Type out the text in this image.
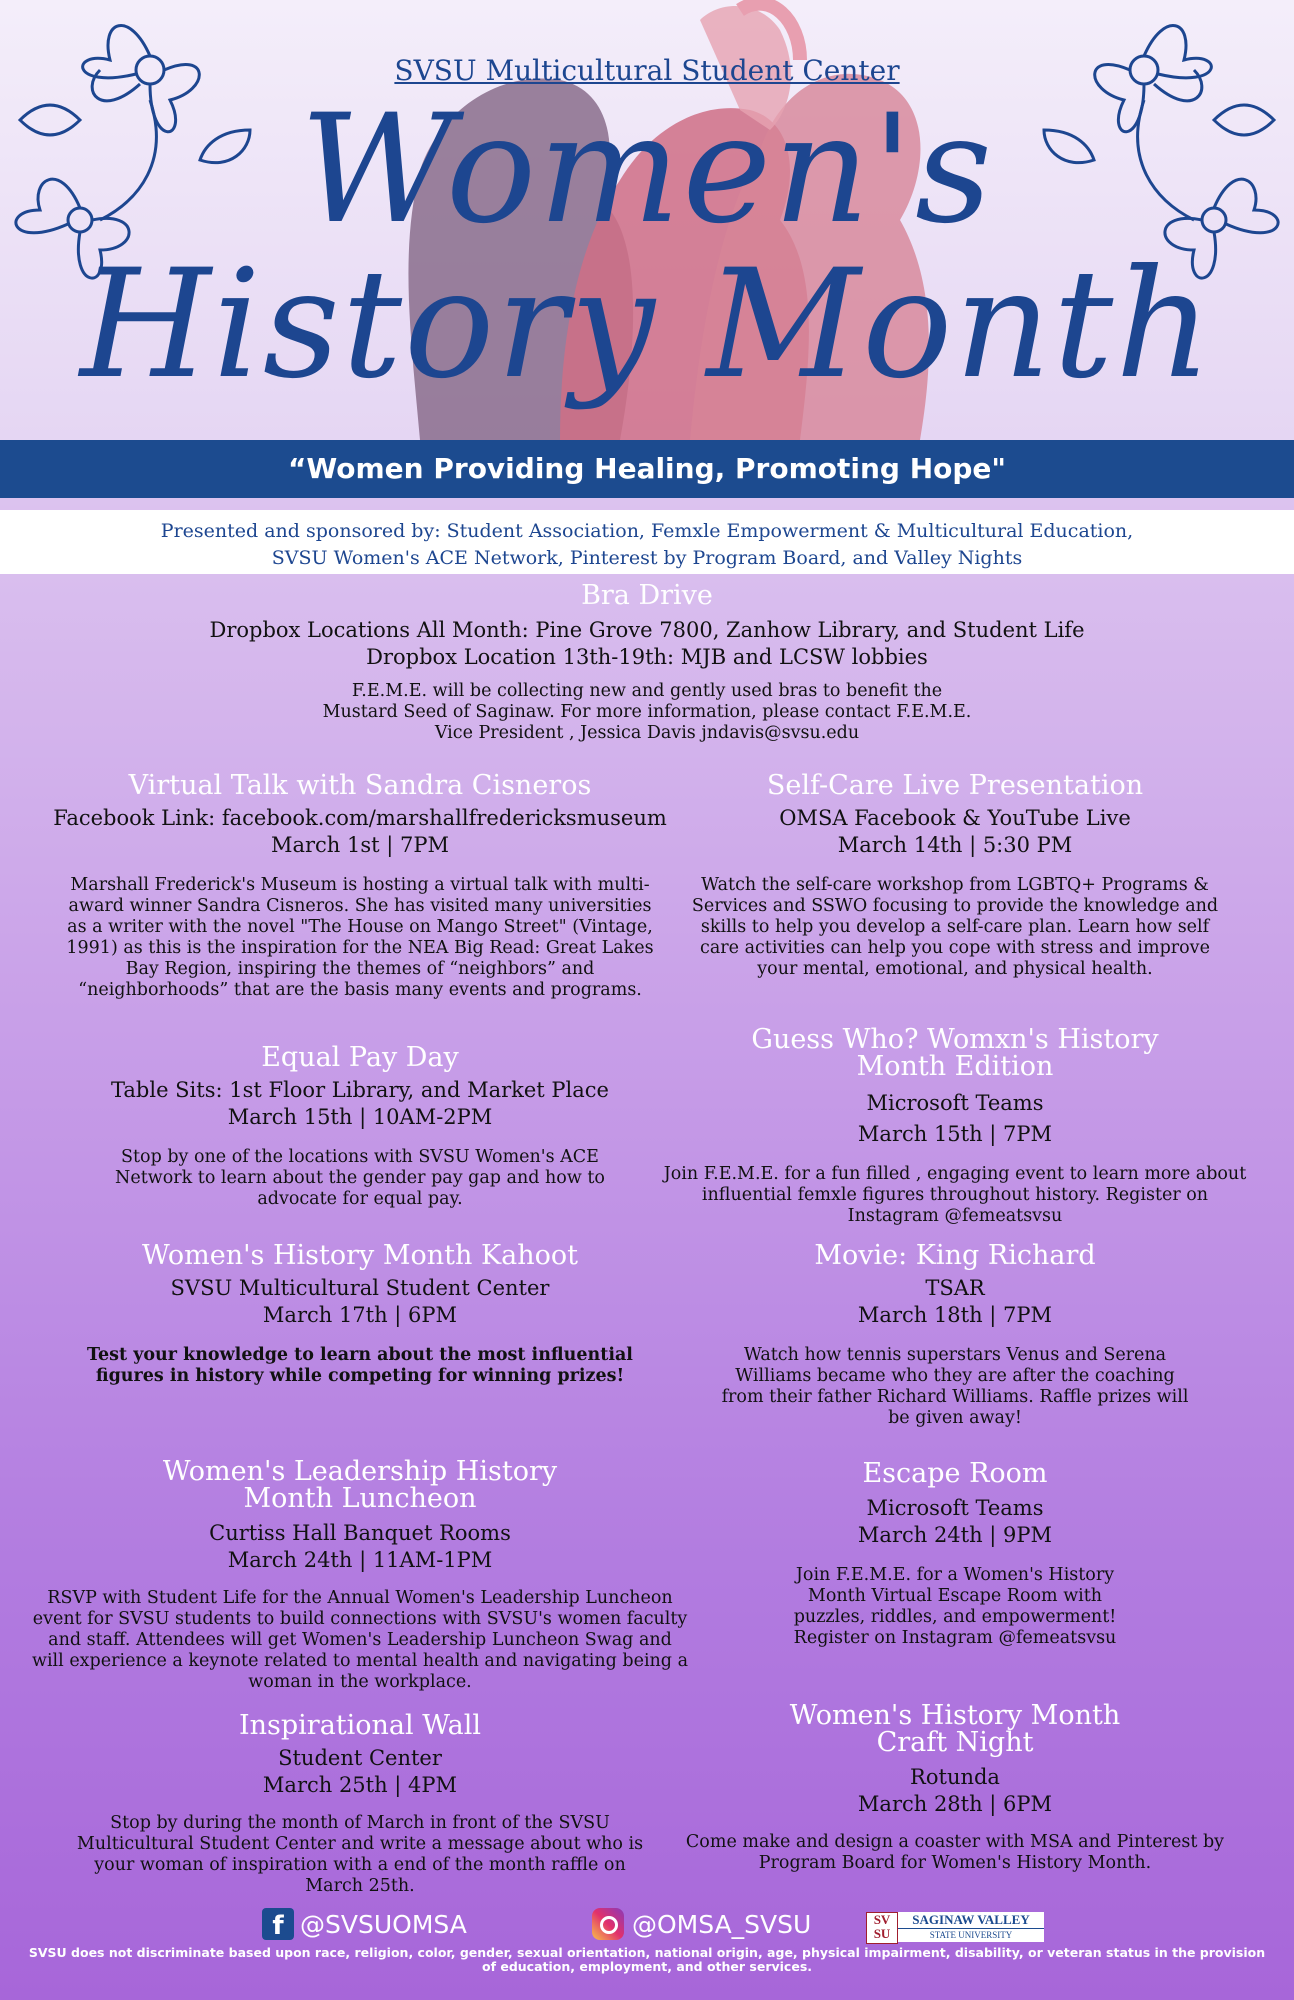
SVSU Multicultural Student Center
Women's
History Month
“Women Providing Healing, Promoting Hope"
Presented and sponsored by: Student Association, Femxle Empowerment & Multicultural Education,
SVSU Women's ACE Network, Pinterest by Program Board, and Valley Nights
Bra Drive
Dropbox Locations All Month: Pine Grove 7800, Zanhow Library, and Student Life
Dropbox Location 13th-19th: MJB and LCSW lobbies
F.E.M.E. will be collecting new and gently used bras to benefit the
Mustard Seed of Saginaw. For more information, please contact F.E.M.E.
Vice President , Jessica Davis jndavis@svsu.edu
Virtual Talk with Sandra Cisneros
Facebook Link: facebook.com/marshallfredericksmuseum
March 1st | 7PM
Marshall Frederick's Museum is hosting a virtual talk with multi-award winner Sandra Cisneros. She has visited many universities as a writer with the novel "The House on Mango Street" (Vintage, 1991) as this is the inspiration for the NEA Big Read: Great Lakes Bay Region, inspiring the themes of “neighbors” and “neighborhoods” that are the basis many events and programs.
Equal Pay Day
Table Sits: 1st Floor Library, and Market Place
March 15th | 10AM-2PM
Stop by one of the locations with SVSU Women's ACE Network to learn about the gender pay gap and how to advocate for equal pay.
Women's History Month Kahoot
SVSU Multicultural Student Center
March 17th | 6PM
Test your knowledge to learn about the most influential figures in history while competing for winning prizes!
Women's Leadership History Month Luncheon
Curtiss Hall Banquet Rooms
March 24th | 11AM-1PM
RSVP with Student Life for the Annual Women's Leadership Luncheon event for SVSU students to build connections with SVSU's women faculty and staff. Attendees will get Women's Leadership Luncheon Swag and will experience a keynote related to mental health and navigating being a woman in the workplace.
Inspirational Wall
Student Center
March 25th | 4PM
Stop by during the month of March in front of the SVSU Multicultural Student Center and write a message about who is your woman of inspiration with a end of the month raffle on March 25th.
Self-Care Live Presentation
OMSA Facebook & YouTube Live
March 14th | 5:30 PM
Watch the self-care workshop from LGBTQ+ Programs & Services and SSWO focusing to provide the knowledge and skills to help you develop a self-care plan. Learn how self care activities can help you cope with stress and improve your mental, emotional, and physical health.
Guess Who? Womxn's History Month Edition
Microsoft Teams
March 15th | 7PM
Join F.E.M.E. for a fun filled , engaging event to learn more about influential femxle figures throughout history. Register on Instagram @femeatsvsu
Movie: King Richard
TSAR
March 18th | 7PM
Watch how tennis superstars Venus and Serena Williams became who they are after the coaching from their father Richard Williams. Raffle prizes will be given away!
Escape Room
Microsoft Teams
March 24th | 9PM
Join F.E.M.E. for a Women's History Month Virtual Escape Room with puzzles, riddles, and empowerment! Register on Instagram @femeatsvsu
Women's History Month Craft Night
Rotunda
March 28th | 6PM
Come make and design a coaster with MSA and Pinterest by Program Board for Women's History Month.
f @SVSUOMSA	@OMSA_SVSU	SV SU
SAGINAW VALLEY
STATE UNIVERSITY
SVSU does not discriminate based upon race, religion, color, gender, sexual orientation, national origin, age, physical impairment, disability, or veteran status in the provision of education, employment, and other services.
